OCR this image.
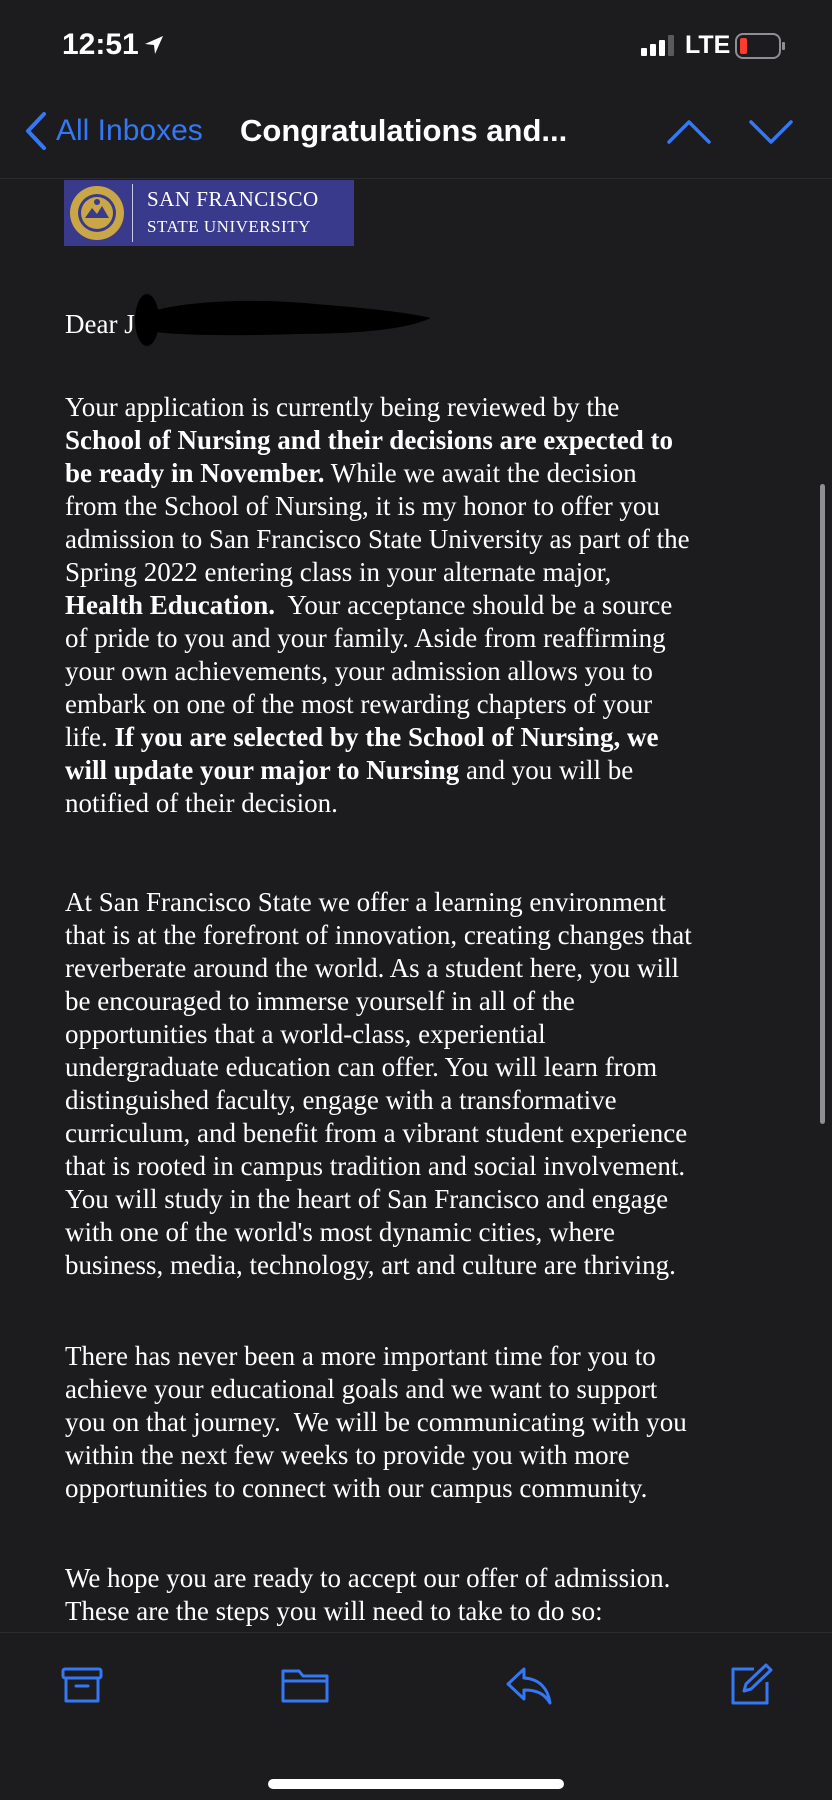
12:51	LTE
All Inboxes Congratulations and...
SAN FRANCISCO
STATE UNIVERSITY
Dear J
Your application is currently being reviewed by the
School of Nursing and their decisions are expected to
be ready in November. While we await the decision
from the School of Nursing, it is my honor to offer you
admission to San Francisco State University as part of the
Spring 2022 entering class in your alternate major,
Health Education.  Your acceptance should be a source
of pride to you and your family. Aside from reaffirming
your own achievements, your admission allows you to
embark on one of the most rewarding chapters of your
life. If you are selected by the School of Nursing, we
will update your major to Nursing and you will be
notified of their decision.
At San Francisco State we offer a learning environment
that is at the forefront of innovation, creating changes that
reverberate around the world. As a student here, you will
be encouraged to immerse yourself in all of the
opportunities that a world-class, experiential
undergraduate education can offer. You will learn from
distinguished faculty, engage with a transformative
curriculum, and benefit from a vibrant student experience
that is rooted in campus tradition and social involvement.
You will study in the heart of San Francisco and engage
with one of the world's most dynamic cities, where
business, media, technology, art and culture are thriving.
There has never been a more important time for you to
achieve your educational goals and we want to support
you on that journey.  We will be communicating with you
within the next few weeks to provide you with more
opportunities to connect with our campus community.
We hope you are ready to accept our offer of admission.
These are the steps you will need to take to do so:
